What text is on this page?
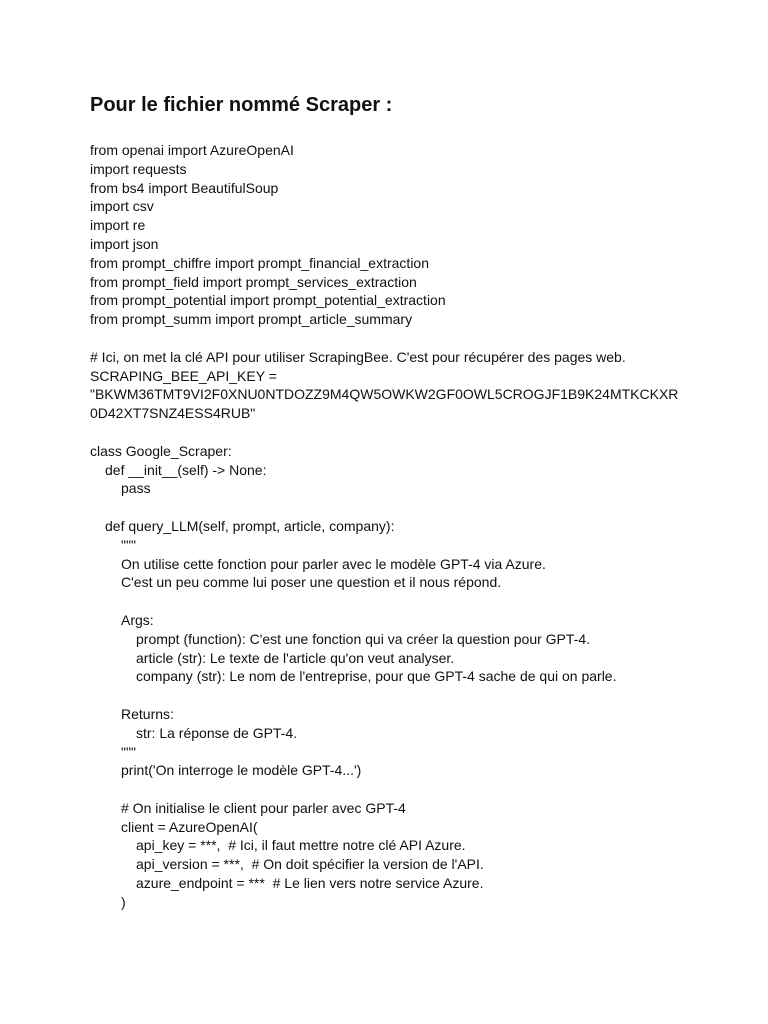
Pour le fichier nommé Scraper :
from openai import AzureOpenAI
import requests
from bs4 import BeautifulSoup
import csv
import re
import json
from prompt_chiffre import prompt_financial_extraction
from prompt_field import prompt_services_extraction
from prompt_potential import prompt_potential_extraction
from prompt_summ import prompt_article_summary
# Ici, on met la clé API pour utiliser ScrapingBee. C'est pour récupérer des pages web.
SCRAPING_BEE_API_KEY =
"BKWM36TMT9VI2F0XNU0NTDOZZ9M4QW5OWKW2GF0OWL5CROGJF1B9K24MTKCKXR
0D42XT7SNZ4ESS4RUB"
class Google_Scraper:
def __init__(self) -> None:
pass
def query_LLM(self, prompt, article, company):
"""
On utilise cette fonction pour parler avec le modèle GPT-4 via Azure.
C'est un peu comme lui poser une question et il nous répond.
Args:
prompt (function): C'est une fonction qui va créer la question pour GPT-4.
article (str): Le texte de l'article qu'on veut analyser.
company (str): Le nom de l'entreprise, pour que GPT-4 sache de qui on parle.
Returns:
str: La réponse de GPT-4.
"""
print('On interroge le modèle GPT-4...')
# On initialise le client pour parler avec GPT-4
client = AzureOpenAI(
api_key = ***,  # Ici, il faut mettre notre clé API Azure.
api_version = ***,  # On doit spécifier la version de l'API.
azure_endpoint = ***  # Le lien vers notre service Azure.
)
